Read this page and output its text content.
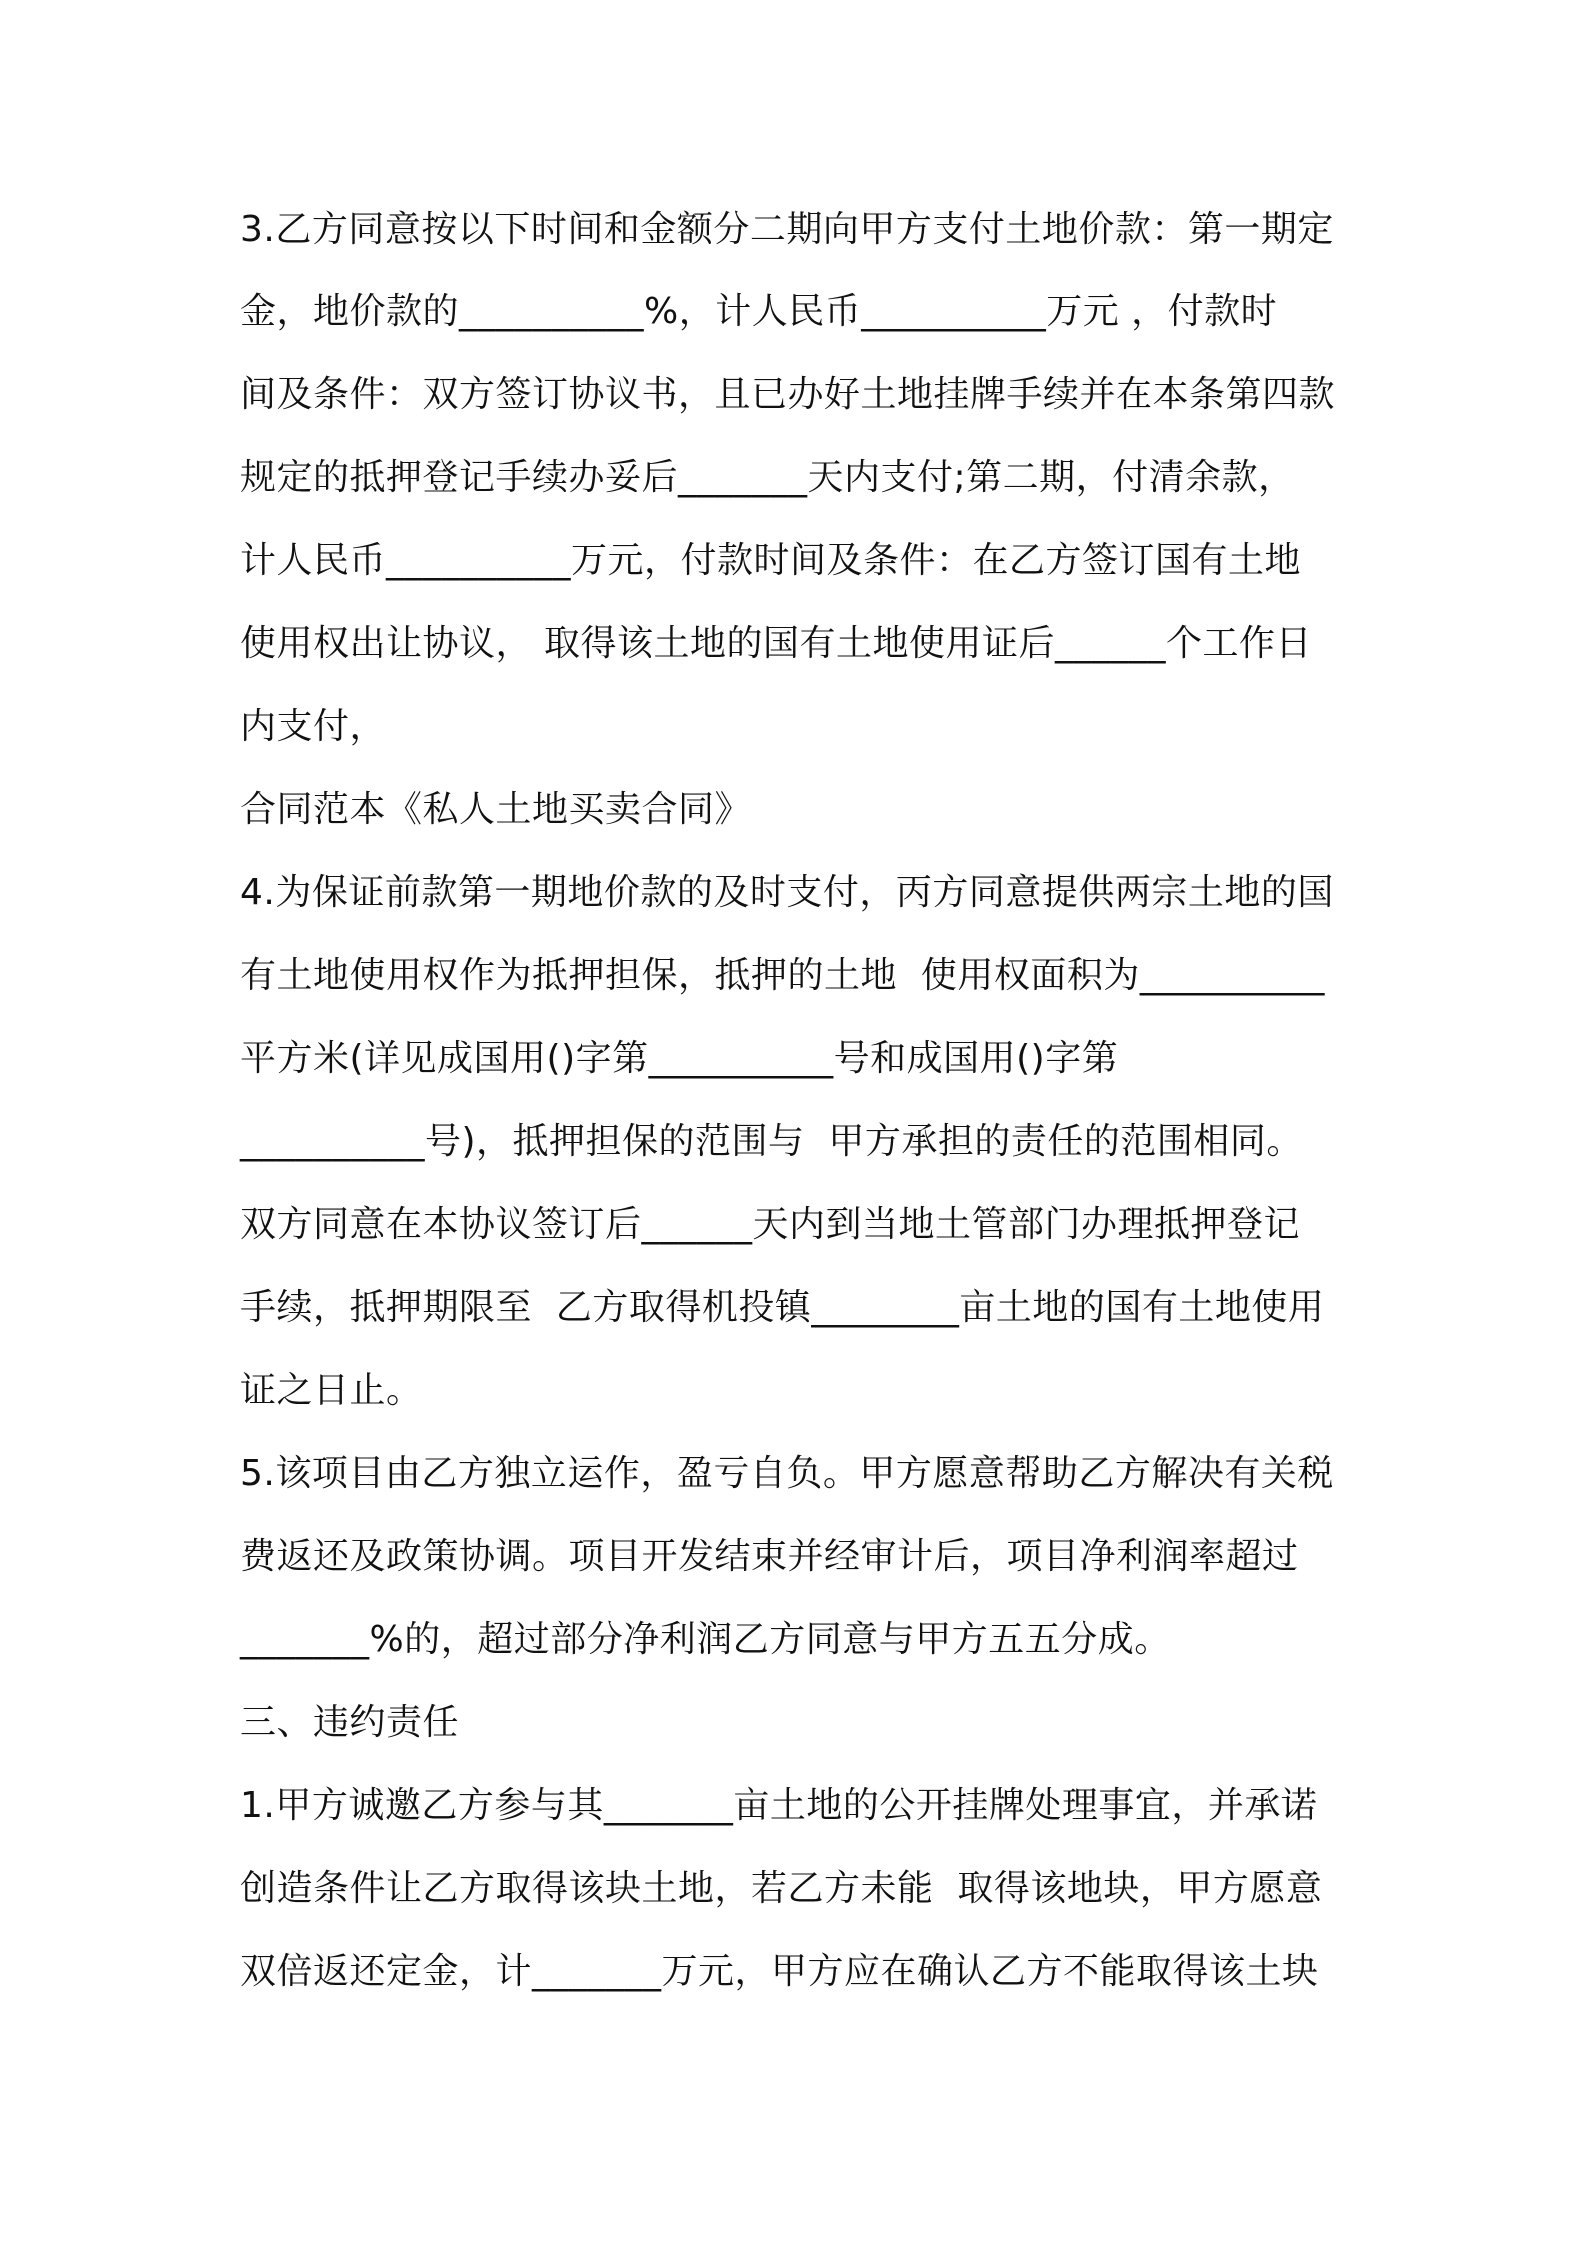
3.乙方同意按以下时间和金额分二期向甲方支付土地价款：第一期定
金，地价款的__________%，计人民币__________万元 ，付款时
间及条件：双方签订协议书，且已办好土地挂牌手续并在本条第四款
规定的抵押登记手续办妥后_______天内支付;第二期，付清余款，
计人民币__________万元，付款时间及条件：在乙方签订国有土地
使用权出让协议， 取得该土地的国有土地使用证后______个工作日
内支付，
合同范本《私人土地买卖合同》
4.为保证前款第一期地价款的及时支付，丙方同意提供两宗土地的国
有土地使用权作为抵押担保，抵押的土地  使用权面积为__________
平方米(详见成国用()字第__________号和成国用()字第
__________号)，抵押担保的范围与  甲方承担的责任的范围相同。
双方同意在本协议签订后______天内到当地土管部门办理抵押登记
手续，抵押期限至  乙方取得机投镇________亩土地的国有土地使用
证之日止。
5.该项目由乙方独立运作，盈亏自负。甲方愿意帮助乙方解决有关税
费返还及政策协调。项目开发结束并经审计后，项目净利润率超过
_______%的，超过部分净利润乙方同意与甲方五五分成。
三、违约责任
1.甲方诚邀乙方参与其_______亩土地的公开挂牌处理事宜，并承诺
创造条件让乙方取得该块土地，若乙方未能  取得该地块，甲方愿意
双倍返还定金，计_______万元，甲方应在确认乙方不能取得该土块
